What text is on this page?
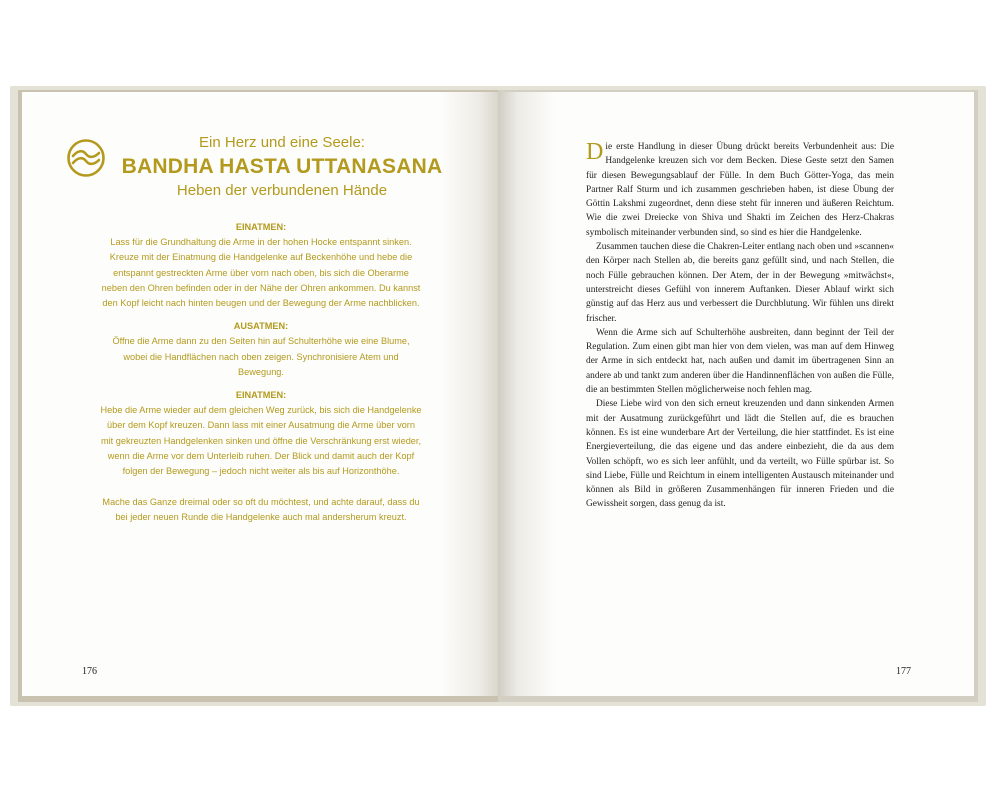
Ein Herz und eine Seele:

BANDHA HASTA UTTANASANA

Heben der verbundenen Hände

EINATMEN:

Lass für die Grundhaltung die Arme in der hohen Hocke entspannt sinken. Kreuze mit der Einatmung die Handgelenke auf Beckenhöhe und hebe die entspannt gestreckten Arme über vorn nach oben, bis sich die Oberarme neben den Ohren befinden oder in der Nähe der Ohren ankommen. Du kannst den Kopf leicht nach hinten beugen und der Bewegung der Arme nachblicken.

AUSATMEN:

Öffne die Arme dann zu den Seiten hin auf Schulterhöhe wie eine Blume, wobei die Handflächen nach oben zeigen. Synchronisiere Atem und Bewegung.

EINATMEN:

Hebe die Arme wieder auf dem gleichen Weg zurück, bis sich die Handgelenke über dem Kopf kreuzen. Dann lass mit einer Ausatmung die Arme über vorn mit gekreuzten Handgelenken sinken und öffne die Verschränkung erst wieder, wenn die Arme vor dem Unterleib ruhen. Der Blick und damit auch der Kopf folgen der Bewegung – jedoch nicht weiter als bis auf Horizonthöhe.

Mache das Ganze dreimal oder so oft du möchtest, und achte darauf, dass du bei jeder neuen Runde die Handgelenke auch mal andersherum kreuzt.

176

Die erste Handlung in dieser Übung drückt bereits Verbundenheit aus: Die Handgelenke kreuzen sich vor dem Becken. Diese Geste setzt den Samen für diesen Bewegungsablauf der Fülle. In dem Buch Götter-Yoga, das mein Partner Ralf Sturm und ich zusammen geschrieben haben, ist diese Übung der Göttin Lakshmi zugeordnet, denn diese steht für inneren und äußeren Reichtum. Wie die zwei Dreiecke von Shiva und Shakti im Zeichen des Herz-Chakras symbolisch miteinander verbunden sind, so sind es hier die Handgelenke.

Zusammen tauchen diese die Chakren-Leiter entlang nach oben und »scannen« den Körper nach Stellen ab, die bereits ganz gefüllt sind, und nach Stellen, die noch Fülle gebrauchen können. Der Atem, der in der Bewegung »mitwächst«, unterstreicht dieses Gefühl von innerem Auftanken. Dieser Ablauf wirkt sich günstig auf das Herz aus und verbessert die Durchblutung. Wir fühlen uns direkt frischer.

Wenn die Arme sich auf Schulterhöhe ausbreiten, dann beginnt der Teil der Regulation. Zum einen gibt man hier von dem vielen, was man auf dem Hinweg der Arme in sich entdeckt hat, nach außen und damit im übertragenen Sinn an andere ab und tankt zum anderen über die Handinnenflächen von außen die Fülle, die an bestimmten Stellen möglicherweise noch fehlen mag.

Diese Liebe wird von den sich erneut kreuzenden und dann sinkenden Armen mit der Ausatmung zurückgeführt und lädt die Stellen auf, die es brauchen können. Es ist eine wunderbare Art der Verteilung, die hier stattfindet. Es ist eine Energieverteilung, die das eigene und das andere einbezieht, die da aus dem Vollen schöpft, wo es sich leer anfühlt, und da verteilt, wo Fülle spürbar ist. So sind Liebe, Fülle und Reichtum in einem intelligenten Austausch miteinander und können als Bild in größeren Zusammenhängen für inneren Frieden und die Gewissheit sorgen, dass genug da ist.

177
